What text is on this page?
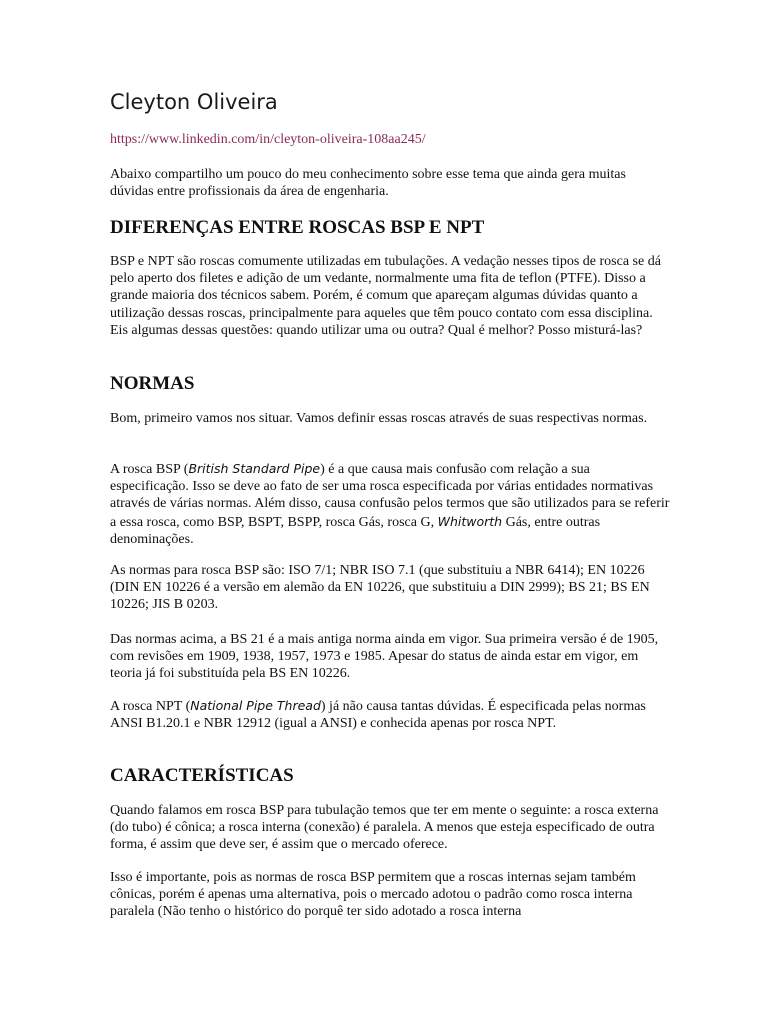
Cleyton Oliveira
https://www.linkedin.com/in/cleyton-oliveira-108aa245/

Abaixo compartilho um pouco do meu conhecimento sobre esse tema que ainda gera muitas dúvidas entre profissionais da área de engenharia.

DIFERENÇAS ENTRE ROSCAS BSP E NPT

BSP e NPT são roscas comumente utilizadas em tubulações. A vedação nesses tipos de rosca se dá pelo aperto dos filetes e adição de um vedante, normalmente uma fita de teflon (PTFE). Disso a grande maioria dos técnicos sabem. Porém, é comum que apareçam algumas dúvidas quanto a utilização dessas roscas, principalmente para aqueles que têm pouco contato com essa disciplina. Eis algumas dessas questões: quando utilizar uma ou outra? Qual é melhor? Posso misturá-las?

NORMAS

Bom, primeiro vamos nos situar. Vamos definir essas roscas através de suas respectivas normas.

A rosca BSP (British Standard Pipe) é a que causa mais confusão com relação a sua especificação. Isso se deve ao fato de ser uma rosca especificada por várias entidades normativas através de várias normas. Além disso, causa confusão pelos termos que são utilizados para se referir a essa rosca, como BSP, BSPT, BSPP, rosca Gás, rosca G, Whitworth Gás, entre outras denominações.

As normas para rosca BSP são: ISO 7/1; NBR ISO 7.1 (que substituiu a NBR 6414); EN 10226 (DIN EN 10226 é a versão em alemão da EN 10226, que substituiu a DIN 2999); BS 21; BS EN 10226; JIS B 0203.

Das normas acima, a BS 21 é a mais antiga norma ainda em vigor. Sua primeira versão é de 1905, com revisões em 1909, 1938, 1957, 1973 e 1985. Apesar do status de ainda estar em vigor, em teoria já foi substituída pela BS EN 10226.

A rosca NPT (National Pipe Thread) já não causa tantas dúvidas. É especificada pelas normas ANSI B1.20.1 e NBR 12912 (igual a ANSI) e conhecida apenas por rosca NPT.

CARACTERÍSTICAS

Quando falamos em rosca BSP para tubulação temos que ter em mente o seguinte: a rosca externa (do tubo) é cônica; a rosca interna (conexão) é paralela. A menos que esteja especificado de outra forma, é assim que deve ser, é assim que o mercado oferece.

Isso é importante, pois as normas de rosca BSP permitem que a roscas internas sejam também cônicas, porém é apenas uma alternativa, pois o mercado adotou o padrão como rosca interna paralela (Não tenho o histórico do porquê ter sido adotado a rosca interna
